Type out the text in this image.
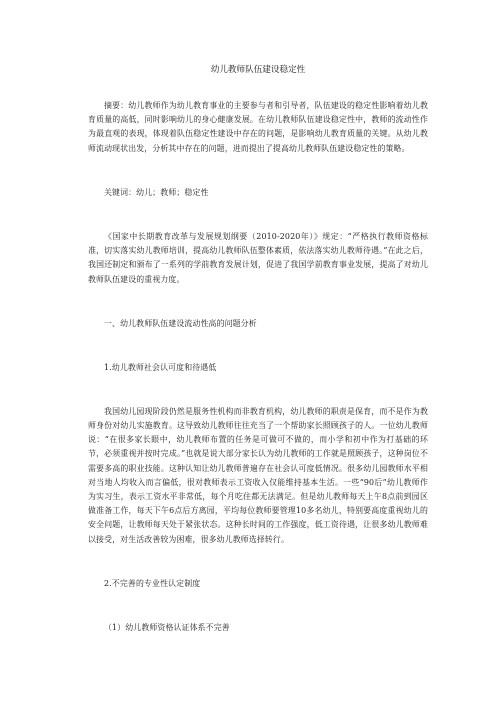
幼儿教师队伍建设稳定性

摘要：幼儿教师作为幼儿教育事业的主要参与者和引导者，队伍建设的稳定性影响着幼儿教育质量的高低，同时影响幼儿的身心健康发展。在幼儿教师队伍建设稳定性中，教师的流动性作为最直观的表现，体现着队伍稳定性建设中存在的问题，是影响幼儿教育质量的关键。从幼儿教师流动现状出发，分析其中存在的问题，进而提出了提高幼儿教师队伍建设稳定性的策略。

关键词：幼儿；教师；稳定性

《国家中长期教育改革与发展规划纲要（2010-2020年）》规定：“严格执行教师资格标准，切实落实幼儿教师培训，提高幼儿教师队伍整体素质，依法落实幼儿教师待遇。”在此之后，我国还制定和颁布了一系列的学前教育发展计划，促进了我国学前教育事业发展，提高了对幼儿教师队伍建设的重视力度。

一、幼儿教师队伍建设流动性高的问题分析

1.幼儿教师社会认可度和待遇低

我国幼儿园现阶段仍然是服务性机构而非教育机构，幼儿教师的职责是保育，而不是作为教师身份对幼儿实施教育。这导致幼儿教师往往充当了一个帮助家长照顾孩子的人。一位幼儿教师说：“在很多家长眼中，幼儿教师布置的任务是可做可不做的，而小学和初中作为打基础的环节，必须重视并按时完成。”也就是说大部分家长认为幼儿教师的工作就是照顾孩子，这种岗位不需要多高的职业技能。这种认知让幼儿教师普遍存在社会认可度低情况。很多幼儿园教师水平相对当地人均收入而言偏低，很对教师表示工资收入仅能维持基本生活。一些“90后”幼儿教师作为实习生，表示工资水平非常低，每个月吃住都无法满足。但是幼儿教师每天上午8点前到园区做准备工作，每天下午6点后方离园，平均每位教师要管理10多名幼儿，特别要高度重视幼儿的安全问题，让教师每天处于紧张状态。这种长时间的工作强度，低工资待遇，让很多幼儿教师难以接受，对生活改善较为困难，很多幼儿教师选择转行。

2.不完善的专业性认定制度

（1）幼儿教师资格认证体系不完善
